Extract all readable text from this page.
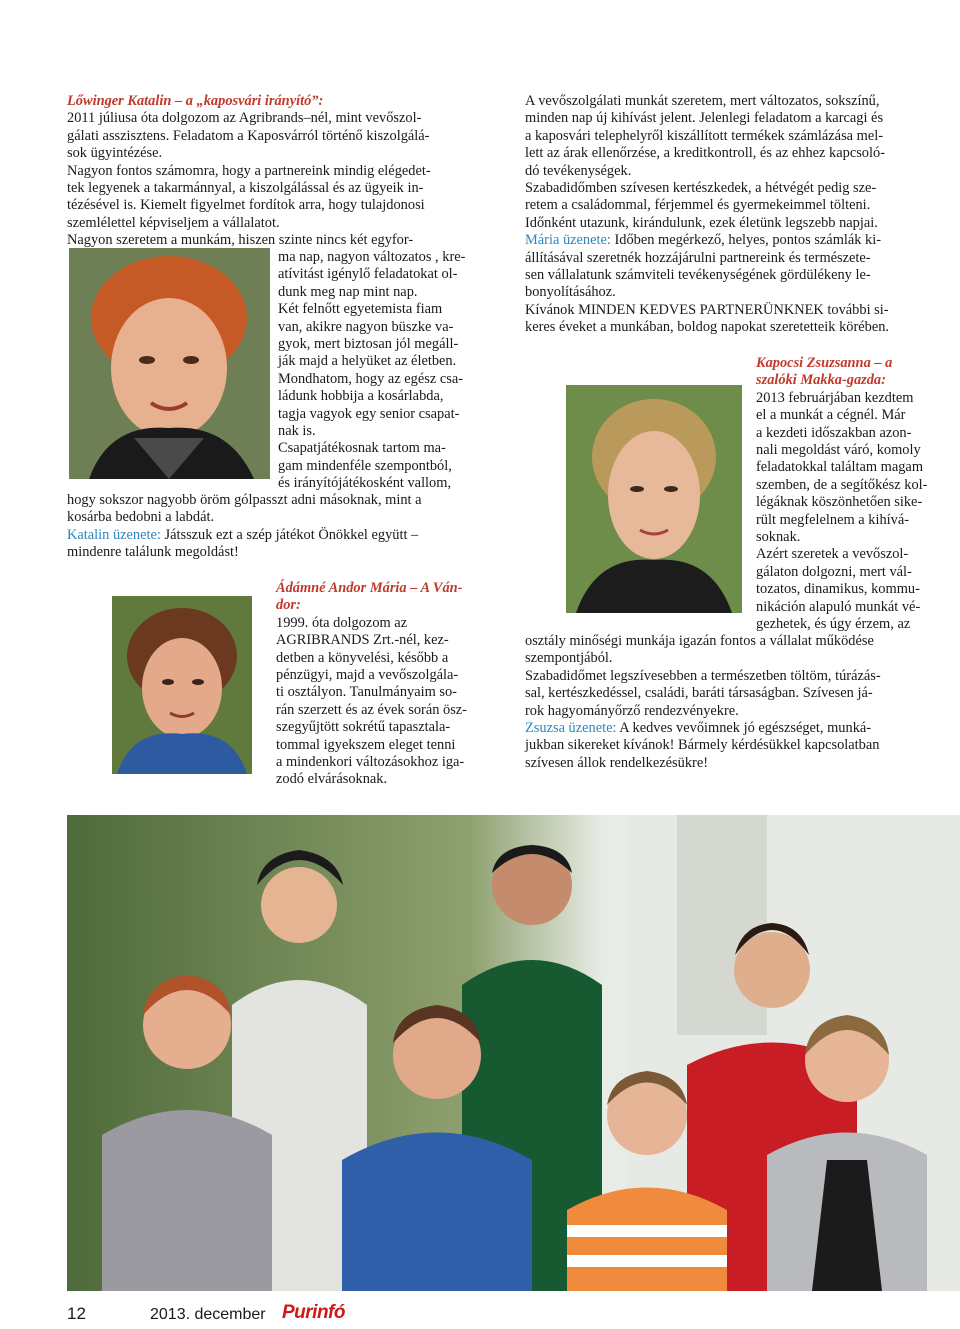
Lőwinger Katalin – a „kaposvári irányító”:

2011 júliusa óta dolgozom az Agribrands–nél, mint vevőszol-

gálati asszisztens. Feladatom a Kaposvárról történő kiszolgálá-

sok ügyintézése.

Nagyon fontos számomra, hogy a partnereink mindig elégedet-

tek legyenek a takarmánnyal, a kiszolgálással és az ügyeik in-

tézésével is. Kiemelt figyelmet fordítok arra, hogy tulajdonosi

szemlélettel képviseljem a vállalatot.

Nagyon szeretem a munkám, hiszen szinte nincs két egyfor-

ma nap, nagyon változatos , kre-

atívitást igénylő feladatokat ol-

dunk meg nap mint nap.

Két felnőtt egyetemista fiam

van, akikre nagyon büszke va-

gyok, mert biztosan jól megáll-

ják majd a helyüket az életben.

Mondhatom, hogy az egész csa-

ládunk hobbija a kosárlabda,

tagja vagyok egy senior csapat-

nak is.

Csapatjátékosnak tartom ma-

gam mindenféle szempontból,

és irányítójátékosként vallom,

hogy sokszor nagyobb öröm gólpasszt adni másoknak, mint a

kosárba bedobni a labdát.

Katalin üzenete: Játsszuk ezt a szép játékot Önökkel együtt –

mindenre találunk megoldást!

Ádámné Andor Mária – A Ván-
dor:

1999. óta dolgozom az

AGRIBRANDS Zrt.-nél, kez-

detben a könyvelési, később a

pénzügyi, majd a vevőszolgála-

ti osztályon. Tanulmányaim so-

rán szerzett és az évek során ösz-

szegyűjtött sokrétű tapasztala-

tommal igyekszem eleget tenni

a mindenkori változásokhoz iga-

zodó elvárásoknak.

A vevőszolgálati munkát szeretem, mert változatos, sokszínű,

minden nap új kihívást jelent. Jelenlegi feladatom a karcagi és

a kaposvári telephelyről kiszállított termékek számlázása mel-

lett az árak ellenőrzése, a kreditkontroll, és az ehhez kapcsoló-

dó tevékenységek.

Szabadidőmben szívesen kertészkedek, a hétvégét pedig sze-

retem a családommal, férjemmel és gyermekeimmel tölteni.

Időnként utazunk, kirándulunk, ezek életünk legszebb napjai.

Mária üzenete: Időben megérkező, helyes, pontos számlák ki-

állításával szeretnék hozzájárulni partnereink és természete-

sen vállalatunk számviteli tevékenységének gördülékeny le-

bonyolításához.

Kívánok MINDEN KEDVES PARTNERÜNKNEK további si-

keres éveket a munkában, boldog napokat szeretetteik körében.

Kapocsi Zsuzsanna – a
szalóki Makka-gazda:

2013 februárjában kezdtem

el a munkát a cégnél. Már

a kezdeti időszakban azon-

nali megoldást váró, komoly

feladatokkal találtam magam

szemben, de a segítőkész kol-

légáknak köszönhetően sike-

rült megfelelnem a kihívá-

soknak.

Azért szeretek a vevőszol-

gálaton dolgozni, mert vál-

tozatos, dinamikus, kommu-

nikáción alapuló munkát vé-

gezhetek, és úgy érzem, az

osztály minőségi munkája igazán fontos a vállalat működése

szempontjából.

Szabadidőmet legszívesebben a természetben töltöm, túrázás-

sal, kertészkedéssel, családi, baráti társaságban. Szívesen já-

rok hagyományőrző rendezvényekre.

Zsuzsa üzenete: A kedves vevőimnek jó egészséget, munká-

jukban sikereket kívánok! Bármely kérdésükkel kapcsolatban

szívesen állok rendelkezésükre!

12	2013. december Purinfó
